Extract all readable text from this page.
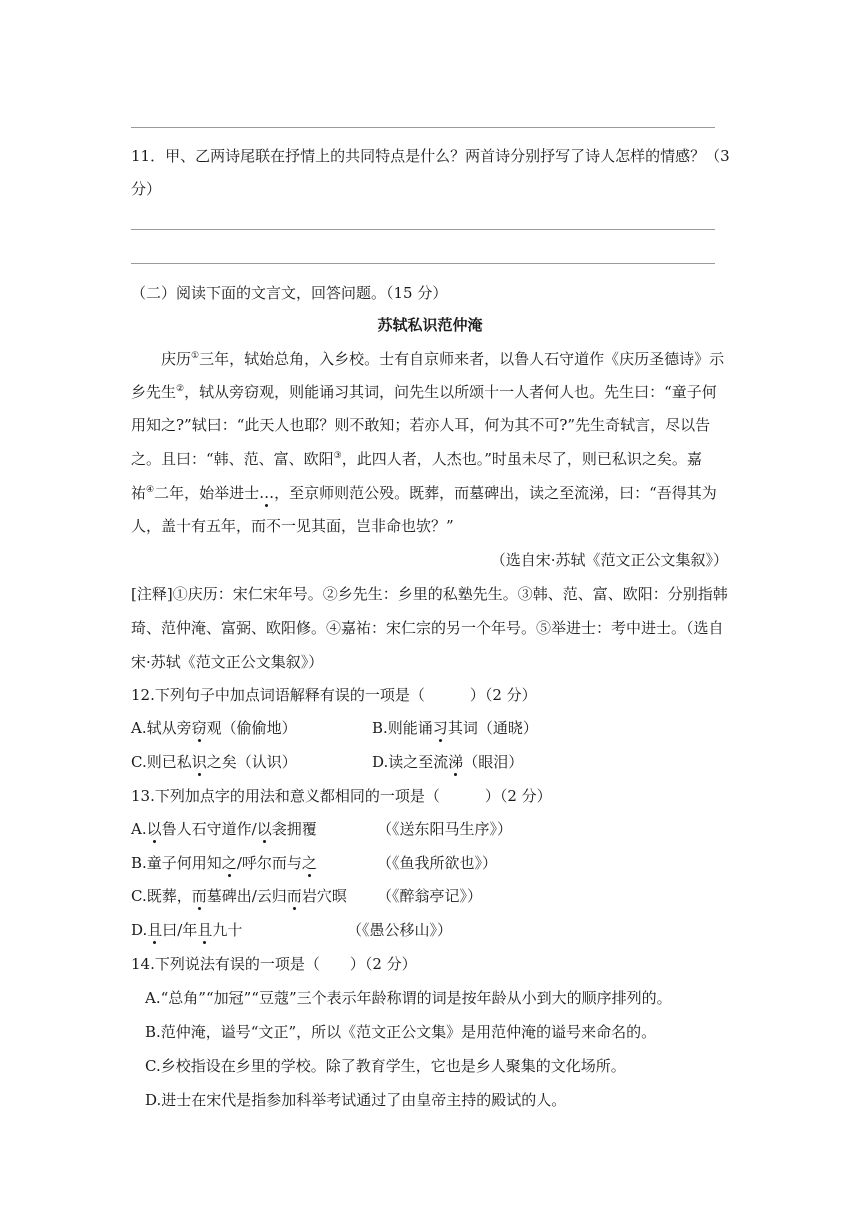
11．甲、乙两诗尾联在抒情上的共同特点是什么？两首诗分别抒写了诗人怎样的情感？（3
分）
（二）阅读下面的文言文，回答问题。（15 分）
苏轼私识范仲淹
庆历①三年，轼始总角，入乡校。士有自京师来者，以鲁人石守道作《庆历圣德诗》示
乡先生②，轼从旁窃观，则能诵习其词，问先生以所颂十一人者何人也。先生曰：“童子何
用知之?”轼曰：“此天人也耶？则不敢知；若亦人耳，何为其不可?”先生奇轼言，尽以告
之。且曰：“韩、范、富、欧阳③，此四人者，人杰也。”时虽未尽了，则已私识之矣。嘉
祐④二年，始举进士…，至京师则范公殁。既葬，而墓碑出，读之至流涕，曰：“吾得其为
人，盖十有五年，而不一见其面，岂非命也欤？”
（选自宋·苏轼《范文正公文集叙》）
[注释]①庆历：宋仁宋年号。②乡先生：乡里的私塾先生。③韩、范、富、欧阳：分别指韩
琦、范仲淹、富弼、欧阳修。④嘉祐：宋仁宗的另一个年号。⑤举进士：考中进士。（选自
宋·苏轼《范文正公文集叙》）
12.下列句子中加点词语解释有误的一项是（　　　）（2 分）
A.轼从旁窃观（偷偷地）	B.则能诵习其词（通晓）
C.则已私识之矣（认识）	D.读之至流涕（眼泪）
13.下列加点字的用法和意义都相同的一项是（　　　）（2 分）
A.以鲁人石守道作/以衾拥覆	（《送东阳马生序》）
B.童子何用知之/呼尔而与之	（《鱼我所欲也》）
C.既葬，而墓碑出/云归而岩穴暝 （《醉翁亭记》）
D.且曰/年且九十	（《愚公移山》）
14.下列说法有误的一项是（　　）（2 分）
A.“总角”“加冠”“豆蔻”三个表示年龄称谓的词是按年龄从小到大的顺序排列的。
B.范仲淹，谥号“文正”，所以《范文正公文集》是用范仲淹的谥号来命名的。
C.乡校指设在乡里的学校。除了教育学生，它也是乡人聚集的文化场所。
D.进士在宋代是指参加科举考试通过了由皇帝主持的殿试的人。
